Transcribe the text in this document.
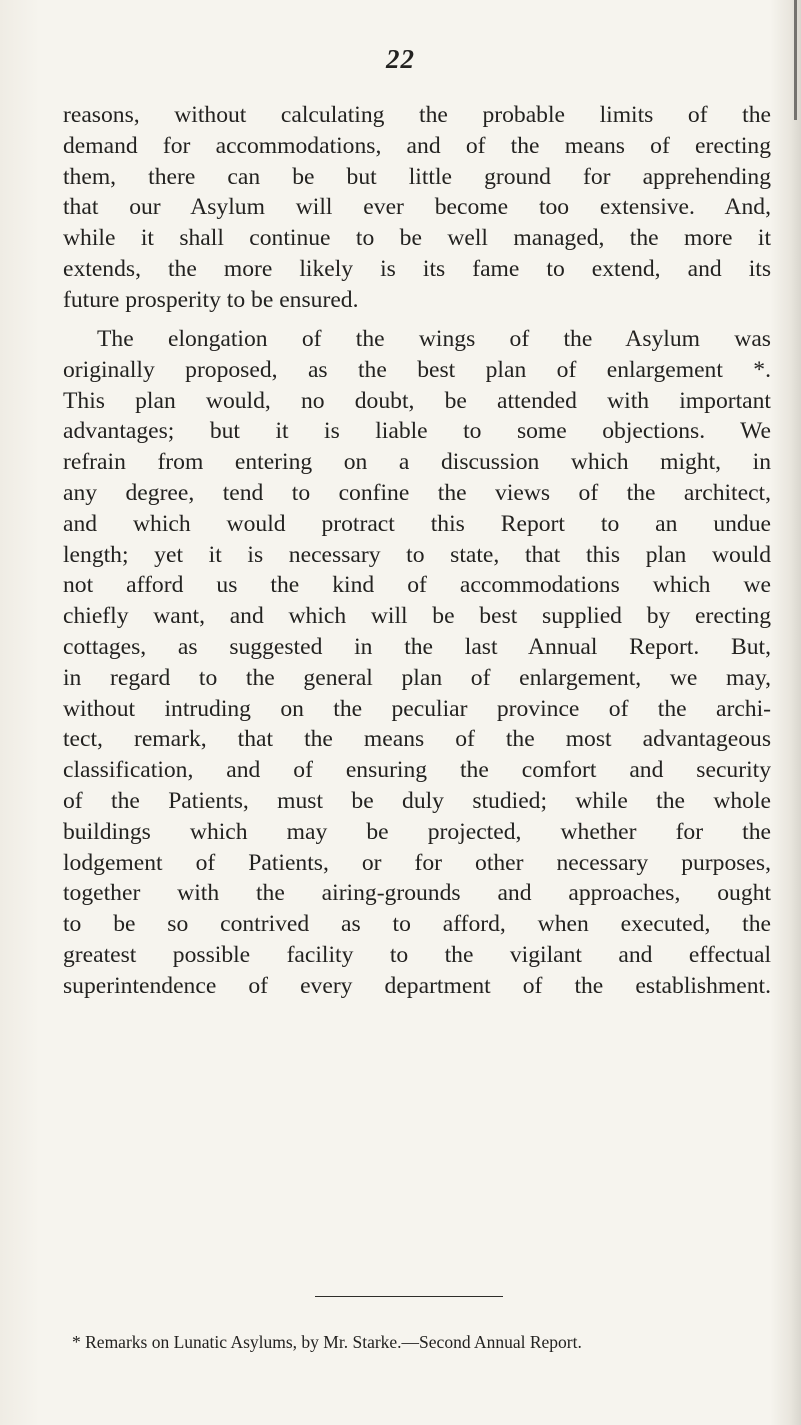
22

reasons, without calculating the probable limits of the
demand for accommodations, and of the means of erecting
them, there can be but little ground for apprehending
that our Asylum will ever become too extensive. And,
while it shall continue to be well managed, the more it
extends, the more likely is its fame to extend, and its
future prosperity to be ensured.

The elongation of the wings of the Asylum was
originally proposed, as the best plan of enlargement *.
This plan would, no doubt, be attended with important
advantages; but it is liable to some objections. We
refrain from entering on a discussion which might, in
any degree, tend to confine the views of the architect,
and which would protract this Report to an undue
length; yet it is necessary to state, that this plan would
not afford us the kind of accommodations which we
chiefly want, and which will be best supplied by erecting
cottages, as suggested in the last Annual Report. But,
in regard to the general plan of enlargement, we may,
without intruding on the peculiar province of the archi-
tect, remark, that the means of the most advantageous
classification, and of ensuring the comfort and security
of the Patients, must be duly studied; while the whole
buildings which may be projected, whether for the
lodgement of Patients, or for other necessary purposes,
together with the airing-grounds and approaches, ought
to be so contrived as to afford, when executed, the
greatest possible facility to the vigilant and effectual
superintendence of every department of the establishment.

* Remarks on Lunatic Asylums, by Mr. Starke.—Second Annual Report.
